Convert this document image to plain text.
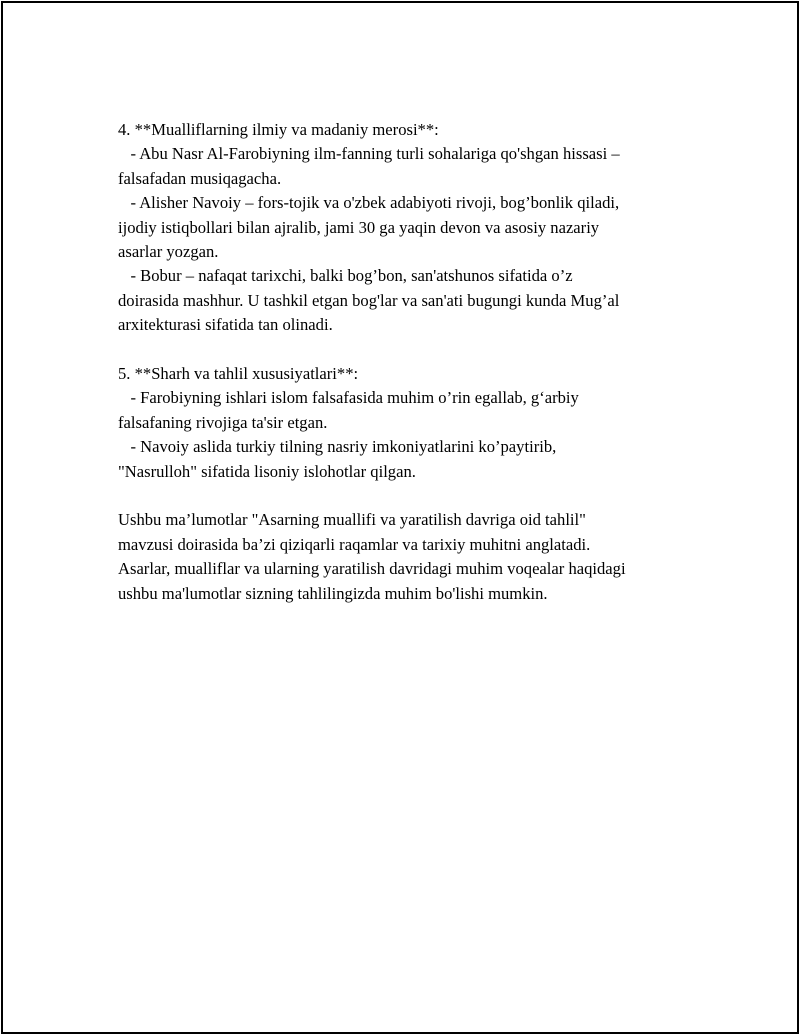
4. **Mualliflarning ilmiy va madaniy merosi**:
- Abu Nasr Al-Farobiyning ilm-fanning turli sohalariga qo'shgan hissasi –
falsafadan musiqagacha.
- Alisher Navoiy – fors-tojik va o'zbek adabiyoti rivoji, bog’bonlik qiladi,
ijodiy istiqbollari bilan ajralib, jami 30 ga yaqin devon va asosiy nazariy
asarlar yozgan.
- Bobur – nafaqat tarixchi, balki bog’bon, san'atshunos sifatida o’z
doirasida mashhur. U tashkil etgan bog'lar va san'ati bugungi kunda Mug’al
arxitekturasi sifatida tan olinadi.
5. **Sharh va tahlil xususiyatlari**:
- Farobiyning ishlari islom falsafasida muhim o’rin egallab, g‘arbiy
falsafaning rivojiga ta'sir etgan.
- Navoiy aslida turkiy tilning nasriy imkoniyatlarini ko’paytirib,
"Nasrulloh" sifatida lisoniy islohotlar qilgan.
Ushbu ma’lumotlar "Asarning muallifi va yaratilish davriga oid tahlil"
mavzusi doirasida ba’zi qiziqarli raqamlar va tarixiy muhitni anglatadi.
Asarlar, mualliflar va ularning yaratilish davridagi muhim voqealar haqidagi
ushbu ma'lumotlar sizning tahlilingizda muhim bo'lishi mumkin.
